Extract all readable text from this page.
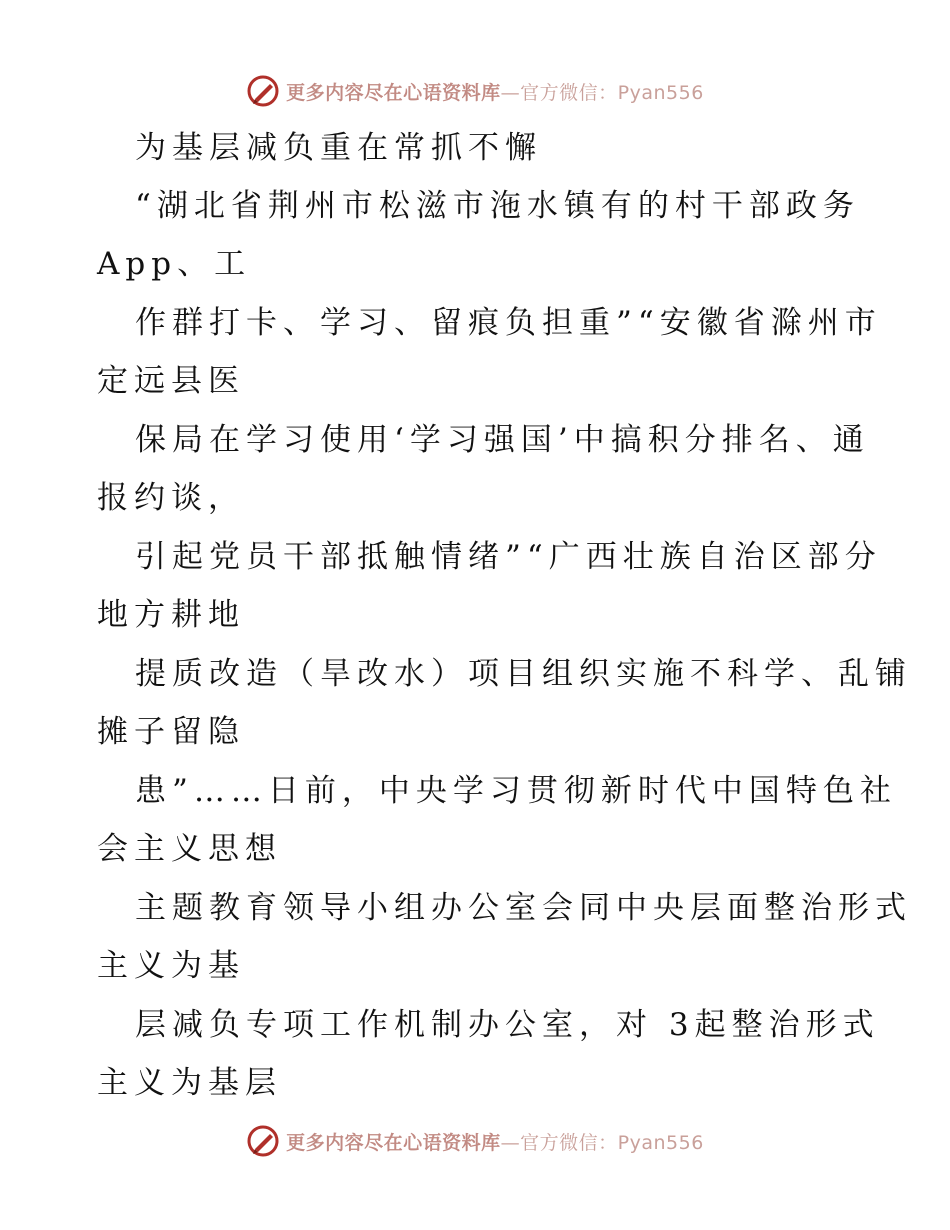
更多内容尽在心语资料库—官方微信：Pyan556
为基层减负重在常抓不懈
“湖北省荆州市松滋市沲水镇有的村干部政务
App、工
作群打卡、学习、留痕负担重”“安徽省滁州市
定远县医
保局在学习使用‘学习强国’中搞积分排名、通
报约谈，
引起党员干部抵触情绪”“广西壮族自治区部分
地方耕地
提质改造（旱改水）项目组织实施不科学、乱铺
摊子留隐
患”……日前，中央学习贯彻新时代中国特色社
会主义思想
主题教育领导小组办公室会同中央层面整治形式
主义为基
层减负专项工作机制办公室，对 3起整治形式
主义为基层
更多内容尽在心语资料库—官方微信：Pyan556
